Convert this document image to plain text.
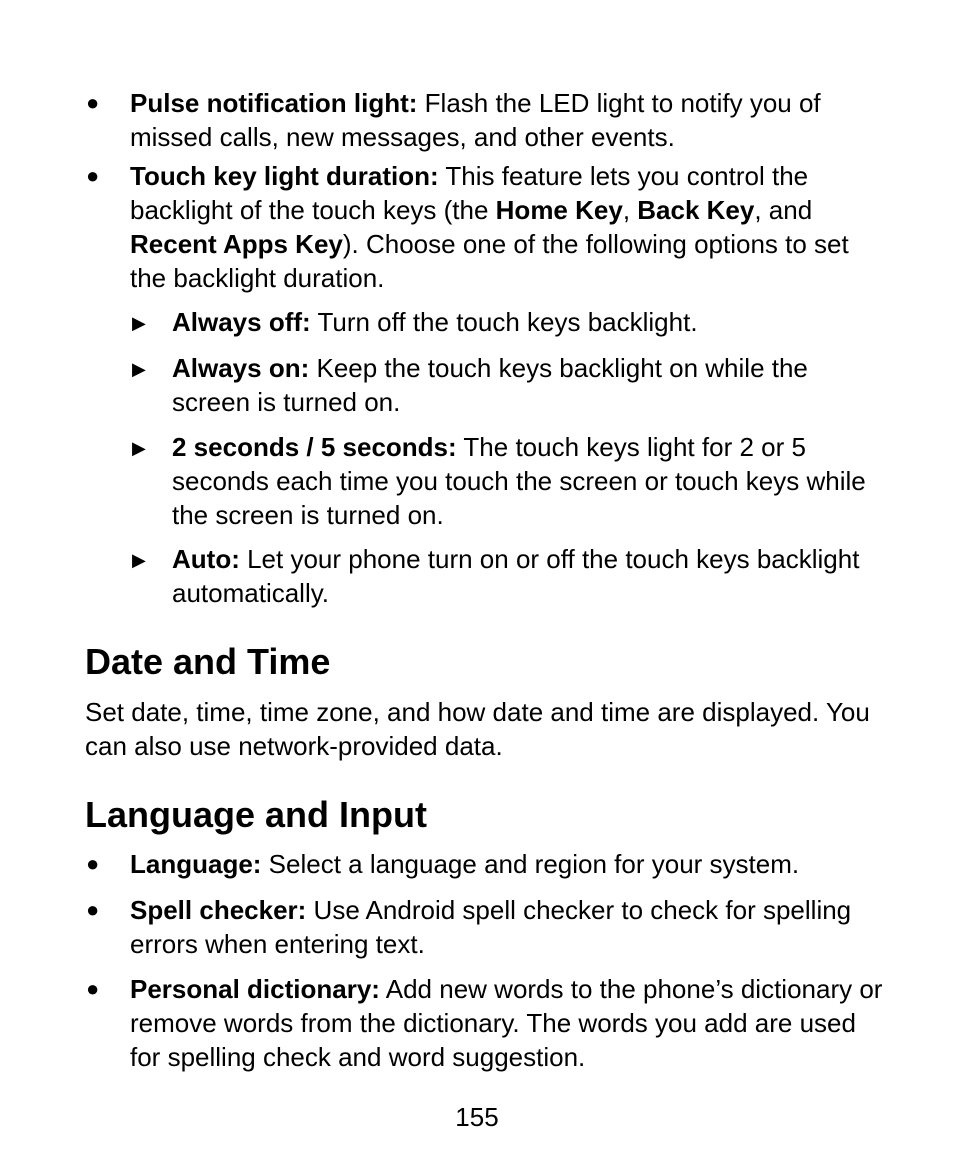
● Pulse notification light: Flash the LED light to notify you of missed calls, new messages, and other events.
● Touch key light duration: This feature lets you control the backlight of the touch keys (the Home Key, Back Key, and Recent Apps Key). Choose one of the following options to set the backlight duration.
▶ Always off: Turn off the touch keys backlight.
▶ Always on: Keep the touch keys backlight on while the screen is turned on.
▶ 2 seconds / 5 seconds: The touch keys light for 2 or 5 seconds each time you touch the screen or touch keys while the screen is turned on.
▶ Auto: Let your phone turn on or off the touch keys backlight automatically.
Date and Time
Set date, time, time zone, and how date and time are displayed. You can also use network-provided data.
Language and Input
● Language: Select a language and region for your system.
● Spell checker: Use Android spell checker to check for spelling errors when entering text.
● Personal dictionary: Add new words to the phone’s dictionary or remove words from the dictionary. The words you add are used for spelling check and word suggestion.
155
